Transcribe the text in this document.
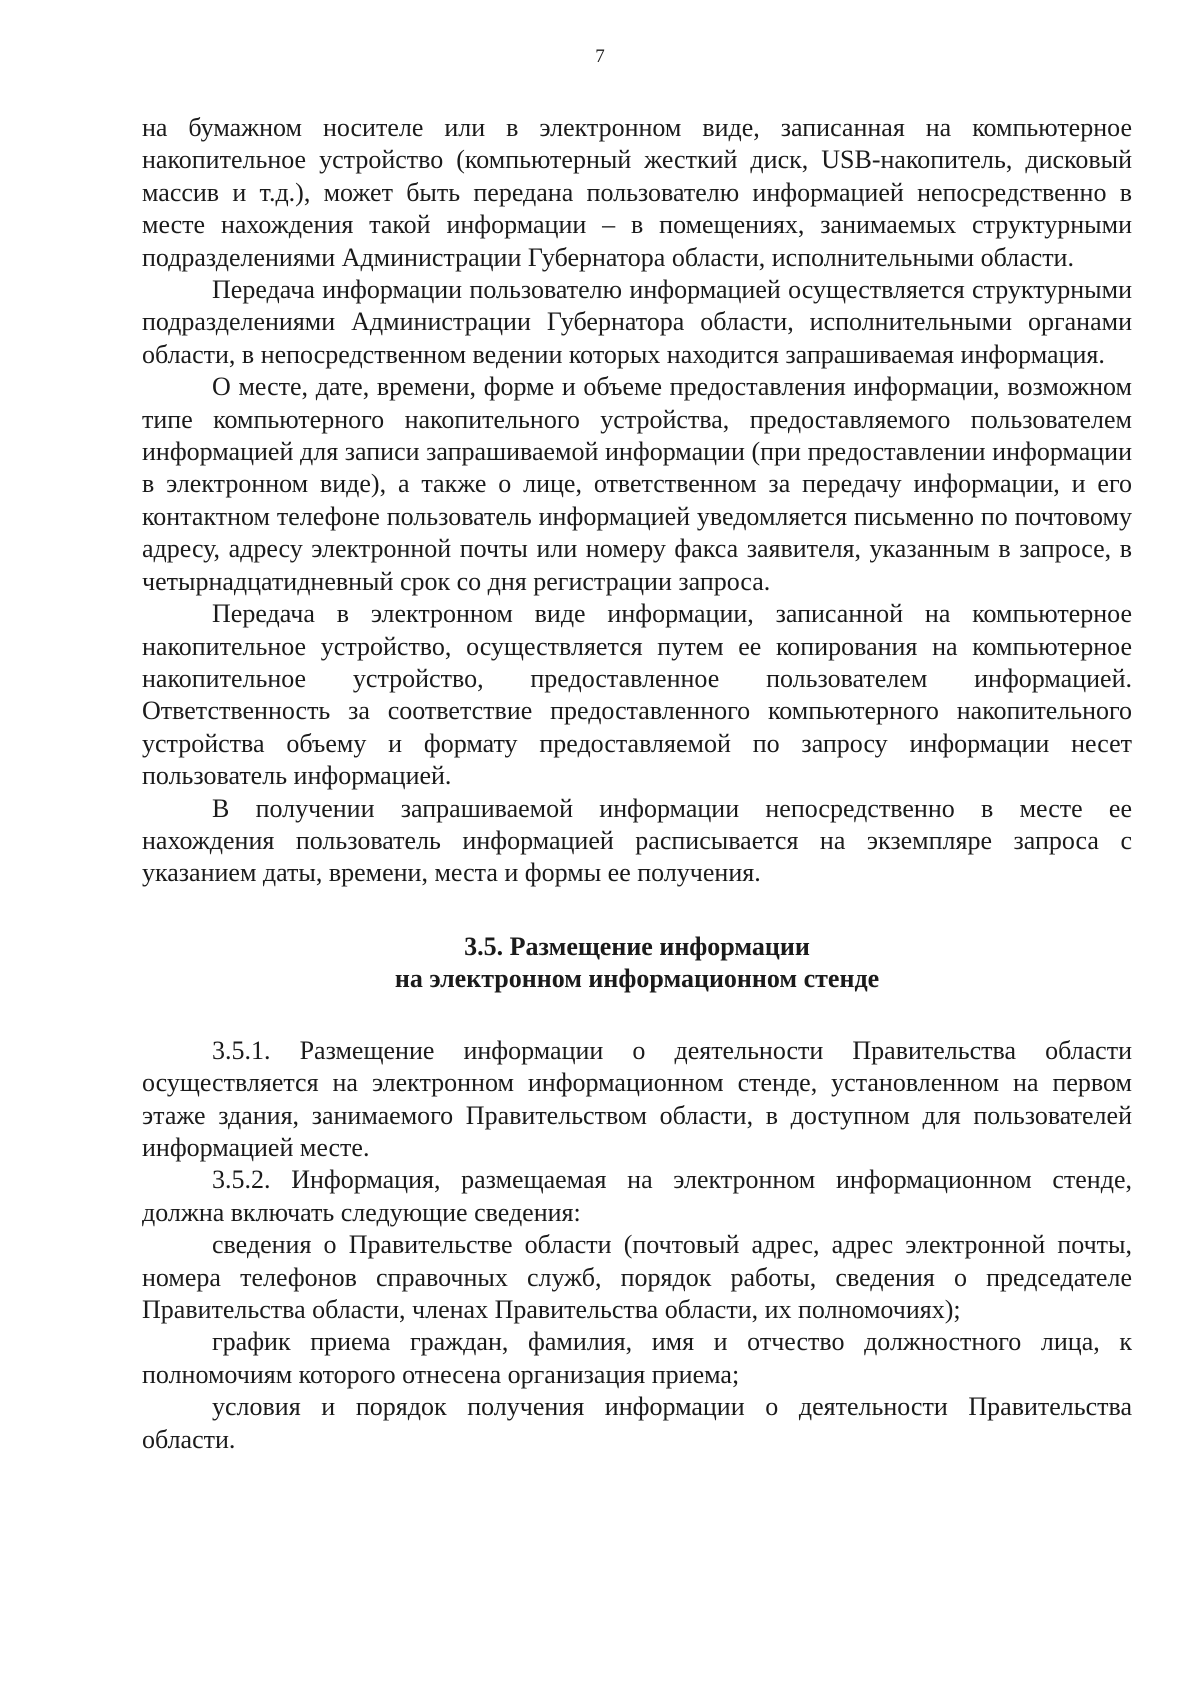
7

на бумажном носителе или в электронном виде, записанная на компьютерное накопительное устройство (компьютерный жесткий диск, USB-накопитель, дисковый массив и т.д.), может быть передана пользователю информацией непосредственно в месте нахождения такой информации – в помещениях, занимаемых структурными подразделениями Администрации Губернатора области, исполнительными области.

Передача информации пользователю информацией осуществляется структурными подразделениями Администрации Губернатора области, исполнительными органами области, в непосредственном ведении которых находится запрашиваемая информация.

О месте, дате, времени, форме и объеме предоставления информации, возможном типе компьютерного накопительного устройства, предоставляемого пользователем информацией для записи запрашиваемой информации (при предоставлении информации в электронном виде), а также о лице, ответственном за передачу информации, и его контактном телефоне пользователь информацией уведомляется письменно по почтовому адресу, адресу электронной почты или номеру факса заявителя, указанным в запросе, в четырнадцатидневный срок со дня регистрации запроса.

Передача в электронном виде информации, записанной на компьютерное накопительное устройство, осуществляется путем ее копирования на компьютерное накопительное устройство, предоставленное пользователем информацией. Ответственность за соответствие предоставленного компьютерного накопительного устройства объему и формату предоставляемой по запросу информации несет пользователь информацией.

В получении запрашиваемой информации непосредственно в месте ее нахождения пользователь информацией расписывается на экземпляре запроса с указанием даты, времени, места и формы ее получения.

3.5. Размещение информации
на электронном информационном стенде

3.5.1. Размещение информации о деятельности Правительства области осуществляется на электронном информационном стенде, установленном на первом этаже здания, занимаемого Правительством области, в доступном для пользователей информацией месте.

3.5.2. Информация, размещаемая на электронном информационном стенде, должна включать следующие сведения:

сведения о Правительстве области (почтовый адрес, адрес электронной почты, номера телефонов справочных служб, порядок работы, сведения о председателе Правительства области, членах Правительства области, их полномочиях);

график приема граждан, фамилия, имя и отчество должностного лица, к полномочиям которого отнесена организация приема;

условия и порядок получения информации о деятельности Правительства области.
